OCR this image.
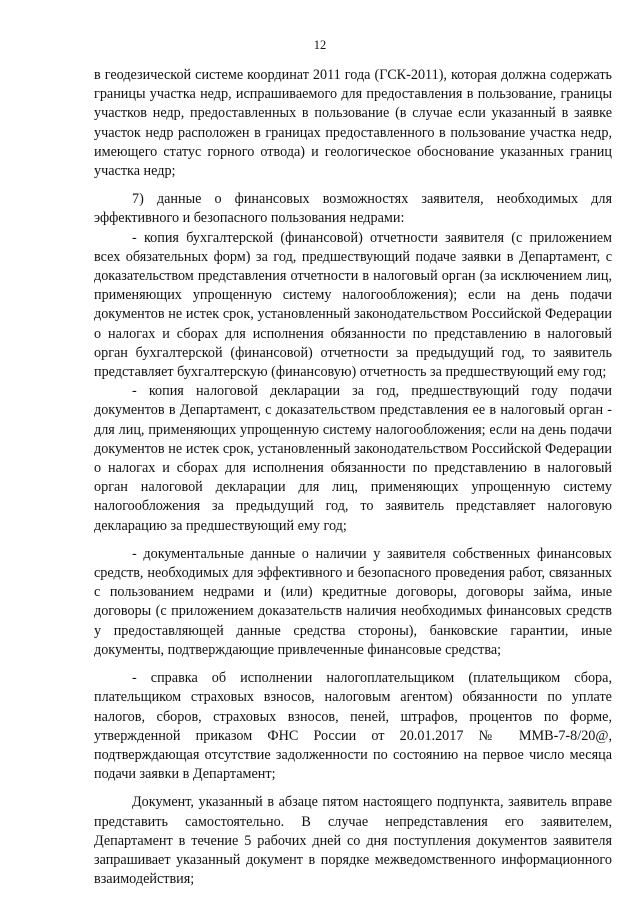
12

в геодезической системе координат 2011 года (ГСК-2011), которая должна содержать границы участка недр, испрашиваемого для предоставления в пользование, границы участков недр, предоставленных в пользование (в случае если указанный в заявке участок недр расположен в границах предоставленного в пользование участка недр, имеющего статус горного отвода) и геологическое обоснование указанных границ участка недр;

7) данные о финансовых возможностях заявителя, необходимых для эффективного и безопасного пользования недрами:

- копия бухгалтерской (финансовой) отчетности заявителя (с приложением всех обязательных форм) за год, предшествующий подаче заявки в Департамент, с доказательством представления отчетности в налоговый орган (за исключением лиц, применяющих упрощенную систему налогообложения); если на день подачи документов не истек срок, установленный законодательством Российской Федерации о налогах и сборах для исполнения обязанности по представлению в налоговый орган бухгалтерской (финансовой) отчетности за предыдущий год, то заявитель представляет бухгалтерскую (финансовую) отчетность за предшествующий ему год;

- копия налоговой декларации за год, предшествующий году подачи документов в Департамент, с доказательством представления ее в налоговый орган - для лиц, применяющих упрощенную систему налогообложения; если на день подачи документов не истек срок, установленный законодательством Российской Федерации о налогах и сборах для исполнения обязанности по представлению в налоговый орган налоговой декларации для лиц, применяющих упрощенную систему налогообложения за предыдущий год, то заявитель представляет налоговую декларацию за предшествующий ему год;

- документальные данные о наличии у заявителя собственных финансовых средств, необходимых для эффективного и безопасного проведения работ, связанных с пользованием недрами и (или) кредитные договоры, договоры займа, иные договоры (с приложением доказательств наличия необходимых финансовых средств у предоставляющей данные средства стороны), банковские гарантии, иные документы, подтверждающие привлеченные финансовые средства;

- справка об исполнении налогоплательщиком (плательщиком сбора, плательщиком страховых взносов, налоговым агентом) обязанности по уплате налогов, сборов, страховых взносов, пеней, штрафов, процентов по форме, утвержденной приказом ФНС России от 20.01.2017 № ММВ-7-8/20@, подтверждающая отсутствие задолженности по состоянию на первое число месяца подачи заявки в Департамент;

Документ, указанный в абзаце пятом настоящего подпункта, заявитель вправе представить самостоятельно. В случае непредставления его заявителем, Департамент в течение 5 рабочих дней со дня поступления документов заявителя запрашивает указанный документ в порядке межведомственного информационного взаимодействия;
